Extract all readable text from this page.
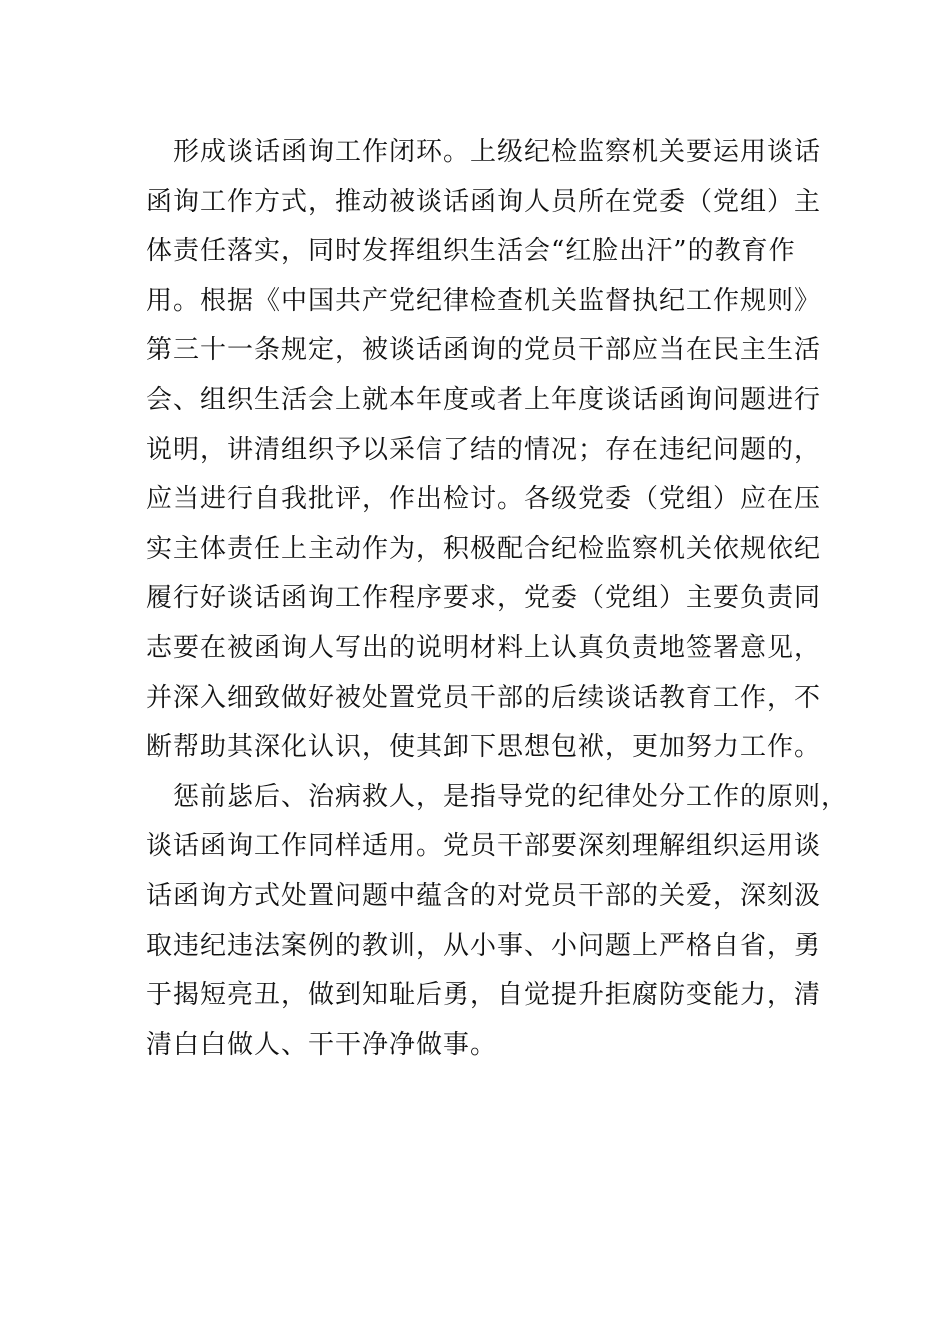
　形成谈话函询工作闭环。上级纪检监察机关要运用谈话
函询工作方式，推动被谈话函询人员所在党委（党组）主
体责任落实，同时发挥组织生活会“红脸出汗”的教育作
用。根据《中国共产党纪律检查机关监督执纪工作规则》
第三十一条规定，被谈话函询的党员干部应当在民主生活
会、组织生活会上就本年度或者上年度谈话函询问题进行
说明，讲清组织予以采信了结的情况；存在违纪问题的，
应当进行自我批评，作出检讨。各级党委（党组）应在压
实主体责任上主动作为，积极配合纪检监察机关依规依纪
履行好谈话函询工作程序要求，党委（党组）主要负责同
志要在被函询人写出的说明材料上认真负责地签署意见，
并深入细致做好被处置党员干部的后续谈话教育工作，不
断帮助其深化认识，使其卸下思想包袱，更加努力工作。
　惩前毖后、治病救人，是指导党的纪律处分工作的原则，
谈话函询工作同样适用。党员干部要深刻理解组织运用谈
话函询方式处置问题中蕴含的对党员干部的关爱，深刻汲
取违纪违法案例的教训，从小事、小问题上严格自省，勇
于揭短亮丑，做到知耻后勇，自觉提升拒腐防变能力，清
清白白做人、干干净净做事。
